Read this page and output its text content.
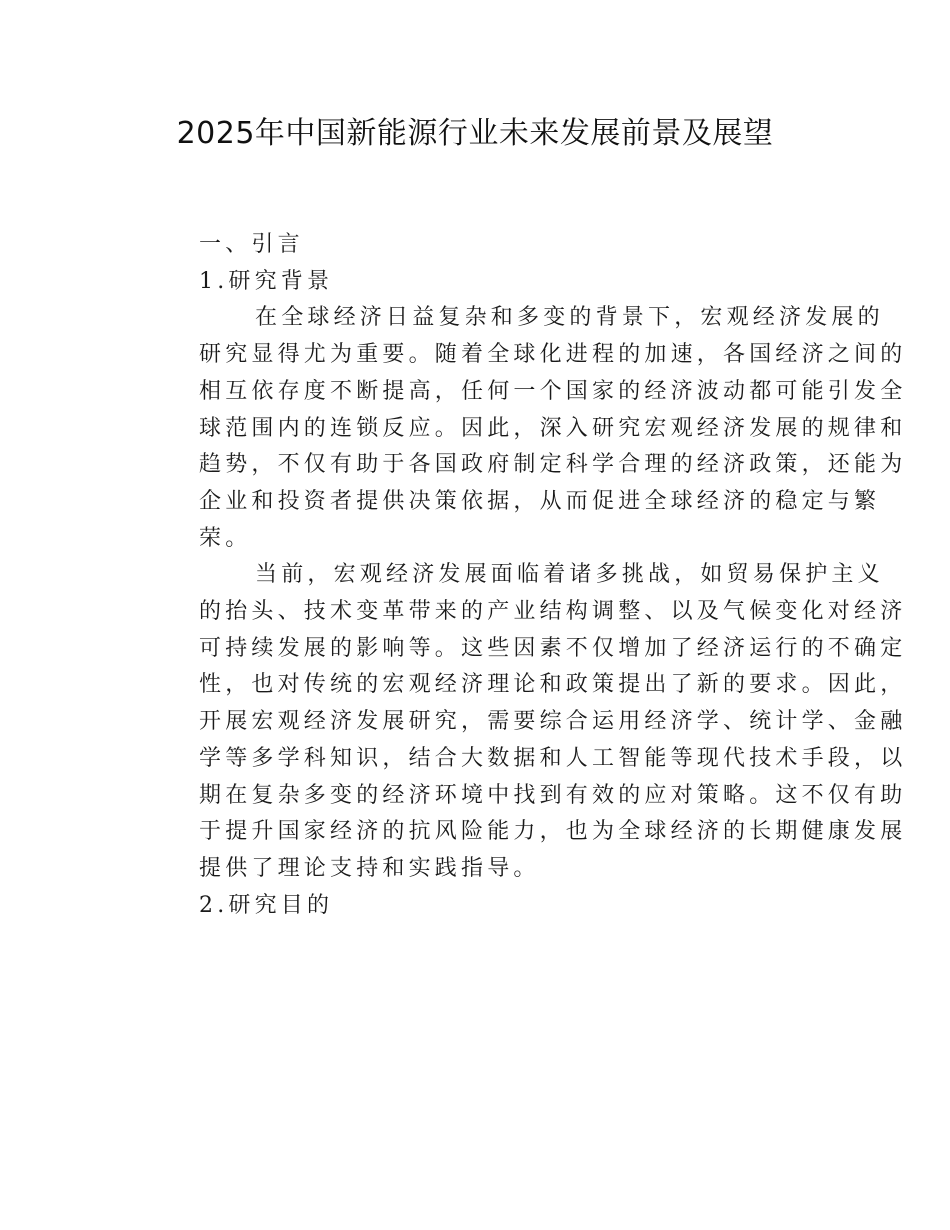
2025年中国新能源行业未来发展前景及展望

一、引言

1.研究背景

在全球经济日益复杂和多变的背景下，宏观经济发展的
研究显得尤为重要。随着全球化进程的加速，各国经济之间的
相互依存度不断提高，任何一个国家的经济波动都可能引发全
球范围内的连锁反应。因此，深入研究宏观经济发展的规律和
趋势，不仅有助于各国政府制定科学合理的经济政策，还能为
企业和投资者提供决策依据，从而促进全球经济的稳定与繁
荣。
当前，宏观经济发展面临着诸多挑战，如贸易保护主义
的抬头、技术变革带来的产业结构调整、以及气候变化对经济
可持续发展的影响等。这些因素不仅增加了经济运行的不确定
性，也对传统的宏观经济理论和政策提出了新的要求。因此，
开展宏观经济发展研究，需要综合运用经济学、统计学、金融
学等多学科知识，结合大数据和人工智能等现代技术手段，以
期在复杂多变的经济环境中找到有效的应对策略。这不仅有助
于提升国家经济的抗风险能力，也为全球经济的长期健康发展
提供了理论支持和实践指导。

2.研究目的
